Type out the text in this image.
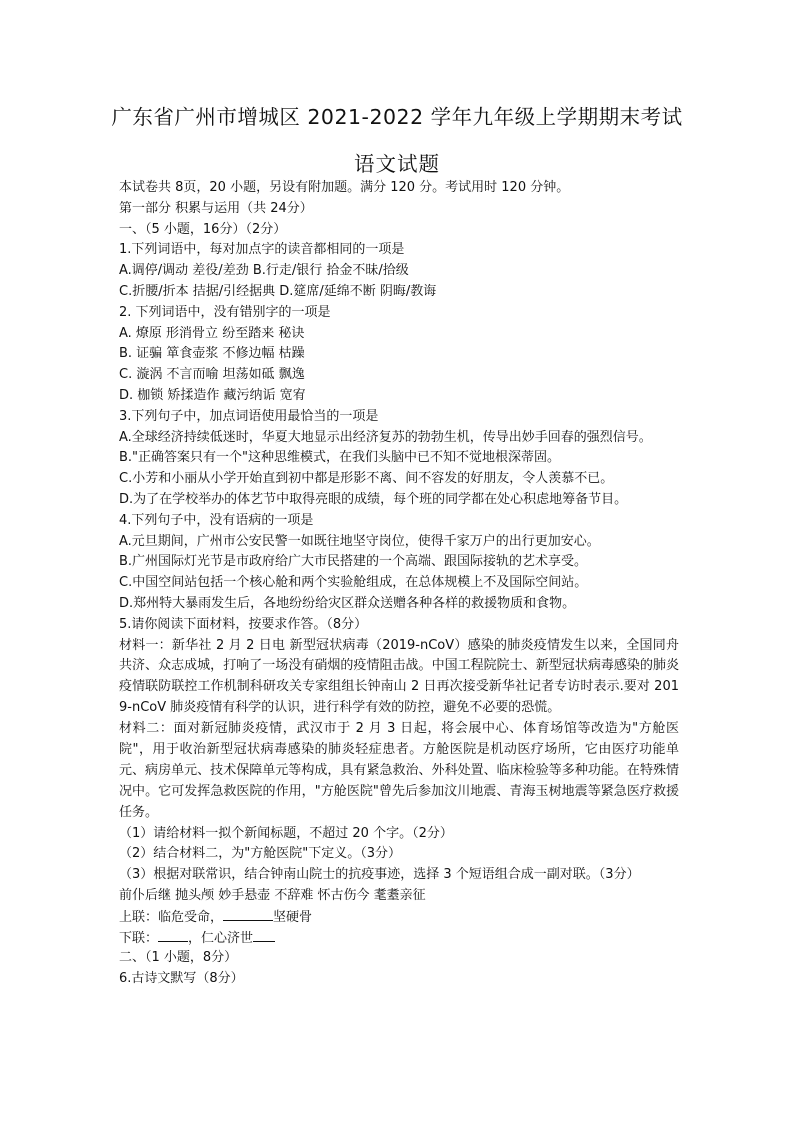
广东省广州市增城区 2021-2022 学年九年级上学期期末考试
语文试题
本试卷共 8页，20 小题，另设有附加题。满分 120 分。考试用时 120 分钟。
第一部分 积累与运用（共 24分）
一、（5 小题，16分）（2分）
1.下列词语中，每对加点字的读音都相同的一项是
A.调停/调动 差役/差劲 B.行走/银行 拾金不昧/拾级
C.折腰/折本 拮据/引经据典 D.筵席/延绵不断 阴晦/教诲
2. 下列词语中，没有错别字的一项是
A. 燎原 形消骨立 纷至踏来 秘诀
B. 证骗 箪食壶浆 不修边幅 枯躁
C. 漩涡 不言而喻 坦荡如砥 飘逸
D. 枷锁 矫揉造作 藏污纳诟 宽宥
3.下列句子中，加点词语使用最恰当的一项是
A.全球经济持续低迷时，华夏大地显示出经济复苏的勃勃生机，传导出妙手回春的强烈信号。
B."正确答案只有一个"这种思维模式，在我们头脑中已不知不觉地根深蒂固。
C.小芳和小丽从小学开始直到初中都是形影不离、间不容发的好朋友，令人羡慕不已。
D.为了在学校举办的体艺节中取得亮眼的成绩，每个班的同学都在处心积虑地筹备节目。
4.下列句子中，没有语病的一项是
A.元旦期间，广州市公安民警一如既往地坚守岗位，使得千家万户的出行更加安心。
B.广州国际灯光节是市政府给广大市民搭建的一个高端、跟国际接轨的艺术享受。
C.中国空间站包括一个核心舱和两个实验舱组成，在总体规模上不及国际空间站。
D.郑州特大暴雨发生后，各地纷纷给灾区群众送赠各种各样的救援物质和食物。
5.请你阅读下面材料，按要求作答。（8分）
材料一：新华社 2 月 2 日电 新型冠状病毒（2019-nCoV）感染的肺炎疫情发生以来，全国同舟共济、众志成城，打响了一场没有硝烟的疫情阻击战。中国工程院院士、新型冠状病毒感染的肺炎疫情联防联控工作机制科研攻关专家组组长钟南山 2 日再次接受新华社记者专访时表示.要对 2019-nCoV 肺炎疫情有科学的认识，进行科学有效的防控，避免不必要的恐慌。
材料二：面对新冠肺炎疫情，武汉市于 2 月 3 日起，将会展中心、体育场馆等改造为"方舱医院"，用于收治新型冠状病毒感染的肺炎轻症患者。方舱医院是机动医疗场所，它由医疗功能单元、病房单元、技术保障单元等构成，具有紧急救治、外科处置、临床检验等多种功能。在特殊情况中。它可发挥急救医院的作用，"方舱医院"曾先后参加汶川地震、青海玉树地震等紧急医疗救援任务。
（1）请给材料一拟个新闻标题，不超过 20 个字。（2分）
（2）结合材料二，为"方舱医院"下定义。（3分）
（3）根据对联常识，结合钟南山院士的抗疫事迹，选择 3 个短语组合成一副对联。（3分）
前仆后继 抛头颅 妙手悬壶 不辞难 怀古伤今 耄耋亲征
上联：临危受命，	坚硬骨
下联： ，仁心济世
二、（1 小题，8分）
6.古诗文默写（8分）
